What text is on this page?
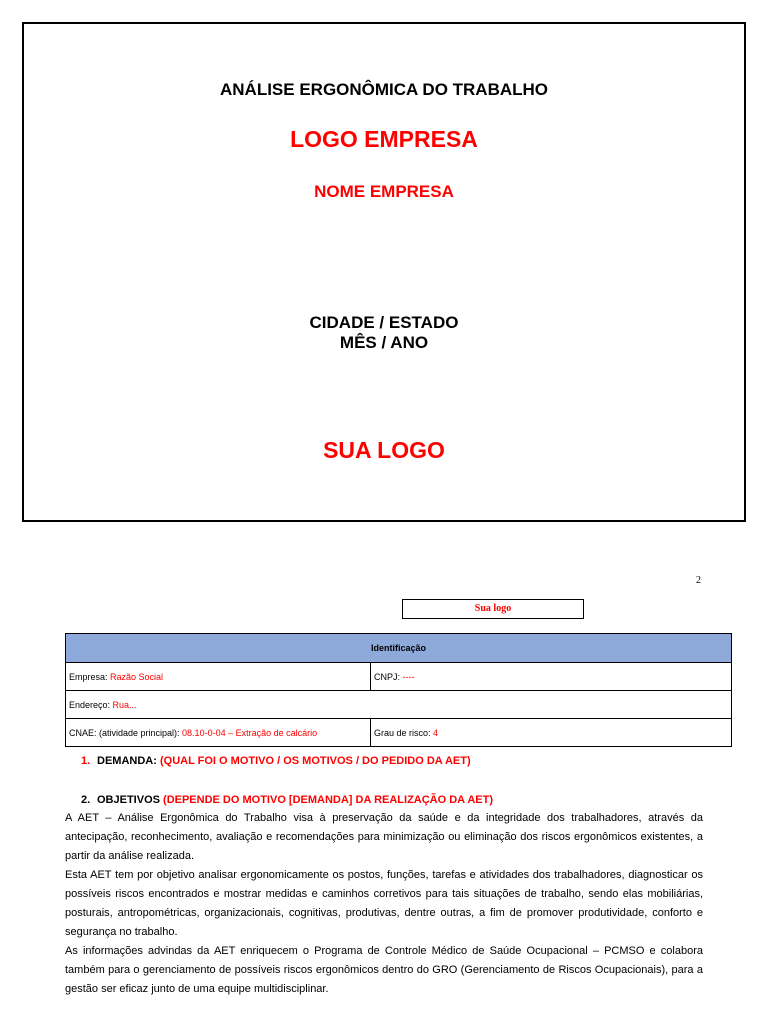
ANÁLISE ERGONÔMICA DO TRABALHO
LOGO EMPRESA
NOME EMPRESA
CIDADE / ESTADO
MÊS / ANO
SUA LOGO
2
Sua logo
Identificação	
Empresa: Razão Social	CNPJ: ----
Endereço: Rua...	
CNAE: (atividade principal): 08.10-0-04 – Extração de calcário	Grau de risco: 4
1. DEMANDA: (QUAL FOI O MOTIVO / OS MOTIVOS / DO PEDIDO DA AET)
2. OBJETIVOS (DEPENDE DO MOTIVO [DEMANDA] DA REALIZAÇÃO DA AET)

A AET – Análise Ergonômica do Trabalho visa à preservação da saúde e da integridade dos trabalhadores, através da antecipação, reconhecimento, avaliação e recomendações para minimização ou eliminação dos riscos ergonômicos existentes, a partir da análise realizada.

Esta AET tem por objetivo analisar ergonomicamente os postos, funções, tarefas e atividades dos trabalhadores, diagnosticar os possíveis riscos encontrados e mostrar medidas e caminhos corretivos para tais situações de trabalho, sendo elas mobiliárias, posturais, antropométricas, organizacionais, cognitivas, produtivas, dentre outras, a fim de promover produtividade, conforto e segurança no trabalho.

As informações advindas da AET enriquecem o Programa de Controle Médico de Saúde Ocupacional – PCMSO e colabora também para o gerenciamento de possíveis riscos ergonômicos dentro do GRO (Gerenciamento de Riscos Ocupacionais), para a gestão ser eficaz junto de uma equipe multidisciplinar.
